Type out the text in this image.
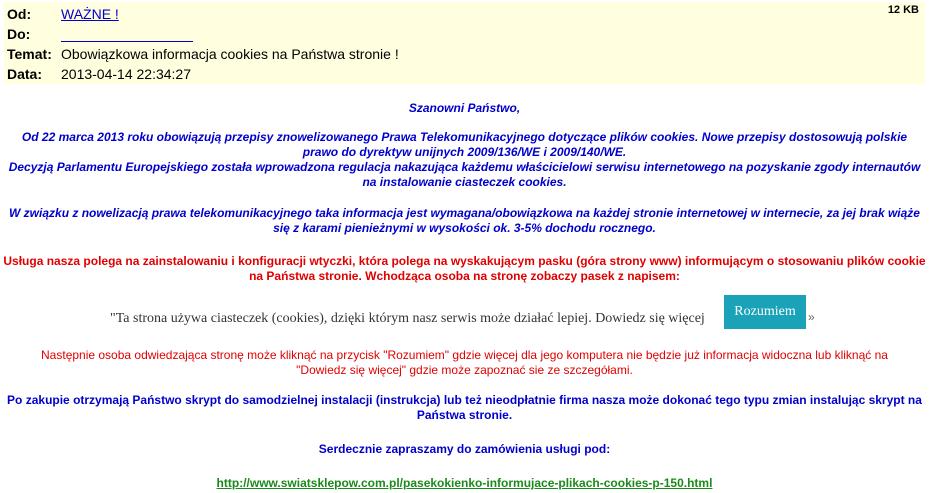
12 KB
Od: WAŻNE !
Do:
Temat: Obowiązkowa informacja cookies na Państwa stronie !
Data: 2013-04-14 22:34:27
Szanowni Państwo,
Od 22 marca 2013 roku obowiązują przepisy znowelizowanego Prawa Telekomunikacyjnego dotyczące plików cookies. Nowe przepisy dostosowują polskie
prawo do dyrektyw unijnych 2009/136/WE i 2009/140/WE.
Decyzją Parlamentu Europejskiego została wprowadzona regulacja nakazująca każdemu właścicielowi serwisu internetowego na pozyskanie zgody internautów
na instalowanie ciasteczek cookies.
W związku z nowelizacją prawa telekomunikacyjnego taka informacja jest wymagana/obowiązkowa na każdej stronie internetowej w internecie, za jej brak wiąże
się z karami pienieżnymi w wysokości ok. 3-5% dochodu rocznego.
Usługa nasza polega na zainstalowaniu i konfiguracji wtyczki, która polega na wyskakującym pasku (góra strony www) informującym o stosowaniu plików cookie
na Państwa stronie. Wchodząca osoba na stronę zobaczy pasek z napisem:
"Ta strona używa ciasteczek (cookies), dzięki którym nasz serwis może działać lepiej. Dowiedz się więcej	Rozumiem	»
Następnie osoba odwiedzająca stronę może kliknąć na przycisk "Rozumiem" gdzie więcej dla jego komputera nie będzie już informacja widoczna lub kliknąć na
"Dowiedz się więcej" gdzie może zapoznać sie ze szczegółami.
Po zakupie otrzymają Państwo skrypt do samodzielnej instalacji (instrukcja) lub też nieodpłatnie firma nasza może dokonać tego typu zmian instalując skrypt na
Państwa stronie.
Serdecznie zapraszamy do zamówienia usługi pod:
http://www.swiatsklepow.com.pl/pasekokienko-informujace-plikach-cookies-p-150.html
